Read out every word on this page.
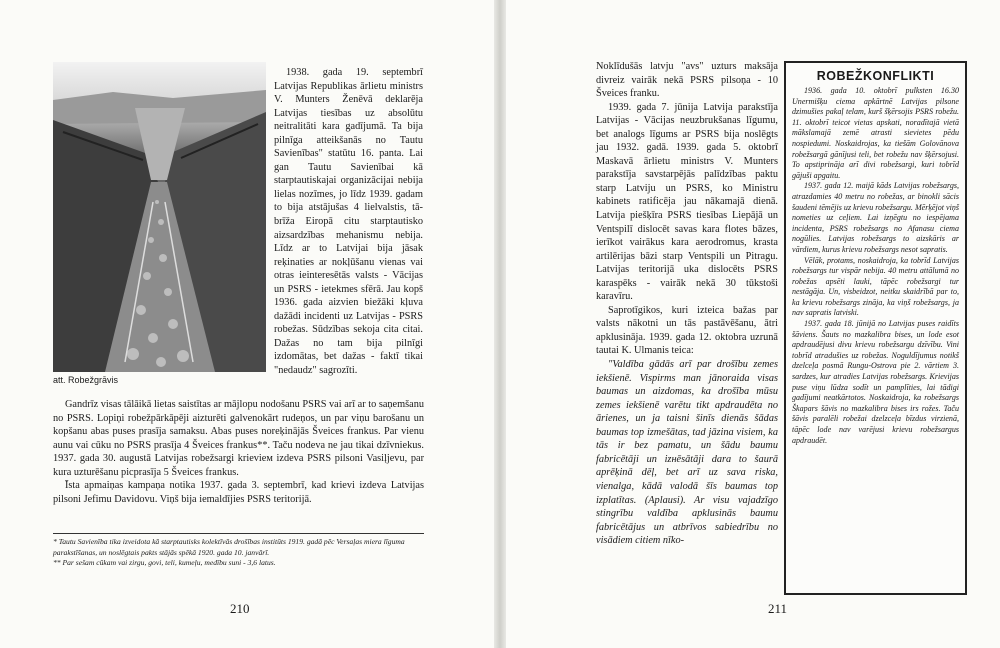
att. Robežgrāvis

1938. gada 19. septembrī Latvijas Republikas ārlietu ministrs V. Munters Ženēvā deklarēja Latvijas tiesības uz absolūtu neitralitāti kara gadījumā. Ta bija pilnīga atteikšanās no Tautu Savienības" statūtu 16. panta. Lai gan Tautu Savienībai kā starptautiskajai organizācijai nebija lielas nozīmes, jo līdz 1939. gadam to bija atstājušas 4 lielvalstis, tā-brīža Eiropā citu starptautisko aizsardzības mehanismu nebija. Līdz ar to Latvijai bija jāsak reķinaties ar nokļūšanu vienas vai otras ieinteresētās valsts - Vācijas un PSRS - ietekmes sfērā. Jau kopš 1936. gada aizvien biežāki kļuva dažādi incidenti uz Latvijas - PSRS robežas. Sūdzības sekoja cita citai. Dažas no tam bija pilnīgi izdomātas, bet dažas - faktī tikai "nedaudz" sagrozīti.

Gandrīz visas tālāikā lietas saistītas ar mājlopu nodošanu PSRS vai arī ar to saņemšanu no PSRS. Lopiņi robežpārkāpēji aizturēti galvenokārt rudeņos, un par viņu barošanu un kopšanu abas puses prasīja samaksu. Abas puses noreķinājās Šveices frankus. Par vienu aunu vai cūku no PSRS prasīja 4 Šveices frankus**. Taču nodeva ne jau tikai dzīvniekus. 1937. gada 30. augustā Latvijas robežsargi krievieм izdeva PSRS pilsoni Vasiļjevu, par kura uzturēšanu picprasīja 5 Šveices frankus.

Īsta apmaiņas kampaņa notika 1937. gada 3. septembrī, kad krievi izdeva Latvijas pilsoni Jefimu Davidovu. Viņš bija iemaldījies PSRS teritorijā.

* Tautu Savienība tika izveidota kā starptautisks kolektīvās drošības institūts 1919. gadā pēc Versaļas miera līguma parakstīšanas, un noslēgtais pakts stājās spēkā 1920. gada 10. janvārī.

** Par sešam cūkam vai zirgu, govi, teli, kumeļu, medību suni - 3,6 latus.

210

Noklīdušās latvju "avs" uzturs maksāja divreiz vairāk nekā PSRS pilsoņa - 10 Šveices franku.

1939. gada 7. jūnija Latvija parakstīja Latvijas - Vācijas neuzbrukšanas līgumu, bet analogs līgums ar PSRS bija noslēgts jau 1932. gadā. 1939. gada 5. oktobrī Maskavā ārlietu ministrs V. Munters parakstīja savstarpējās palīdzības paktu starp Latviju un PSRS, ko Ministru kabinets ratificēja jau nākamajā dienā. Latvija piešķīra PSRS tiesības Liepājā un Ventspilī dislocēt savas kara flotes bāzes, ierīkot vairākus kara aerodromus, krasta artilērijas bāzi starp Ventspili un Pitragu. Latvijas teritorijā uka dislocēts PSRS karaspēks - vairāk nekā 30 tūkstoši karavīru.

Saprotīgikos, kuri izteica bažas par valsts nākotni un tās pastāvēšanu, ātri apklusināja. 1939. gada 12. oktobra uzrunā tautai K. Ulmanis teica:

"Valdība gādās arī par drošību zemes iekšienē. Vispirms man jānoraida visas baumas un aizdomas, ka drošība mūsu zemes iekšienē varētu tikt apdraudēta no ārienes, un ja taisni šinīs dienās šādas baumas top izmešātas, tad jāzina visiem, ka tās ir bez pamatu, un šādu baumu fabricētāji un izнēsātāji dara to šaurā aprēķinā dēļ, bet arī uz sava riska, vienalga, kādā valodā šīs baumas top izplatītas. (Aplausi). Ar visu vajadzīgo stingrību valdība apklusinās baumu fabricētājus un atbrīvos sabiedrību no visādiem citiem nīko-

ROBEŽKONFLIKTI

1936. gada 10. oktobrī pulksten 16.30 Unermišķu ciema apkārtnē Latvijas pilsone dzimušies pakaļ telam, kurš šķērsojis PSRS robežu. 11. oktobrī teicot vietas apskati, noradītajā vietā mākslamajā zemē atrasti sievietes pēdu nospiedumi. Noskaidrojas, ka tiešām Golovānova robežsargā gānījusi teli, bet robežu nav šķērsojusi. To apstiprināja arī divi robežsargi, kuri tobrīd gājuši apgaitu.

1937. gada 12. maijā kāds Latvijas robežsargs, atrazdamies 40 metru no robežas, ar binokli sācis šaudeni tēmējis uz krievu robežsargu. Mērķējot viņš nometies uz ceļiem. Lai izņēgtu no iespējama incidenta, PSRS robežsargs no Afanasu ciema nogūlies. Latvijas robežsargs to aizskāris ar vārdiem, kurus krievu robežsargs nesot sapratis.

Vēlāk, protams, noskaidroja, ka tobrīd Latvijas robežsargs tur vispār nebija. 40 metru attālumā no robežas apsēti lauki, tāpēc robežsargi tur nestāgāja. Un, visbeidzot, neitku skaidrībā par to, ka krievu robežsargs zināja, ka viņš robežsargs, ja nav sapratis latviski.

1937. gada 18. jūnijā no Latvijas puses raidīts šāviens. Šauts no mazkalibra bises, un lode esot apdraudējusi divu krievu robežsargu dzīvību. Vini tobrīd atradušies uz robežas. Noguldījumus notikš dzelceļa posmā Rungu-Ostrova pie 2. vārtiem 3. sardzes, kur atradies Latvijas robežsargs. Krievijas puse viņu lūdza sodīt un pamplīties, lai tādigi gadījumi neatkārtotos. Noskaidroja, ka robežsargs Škapars šāvis no mazkalibra bises irs rožes. Taču šāvis paralēli robežai dzelzceļa bīzdus virzienā, tāpēc lode nav varējusi krievu robežsargus apdraudēt.

211
